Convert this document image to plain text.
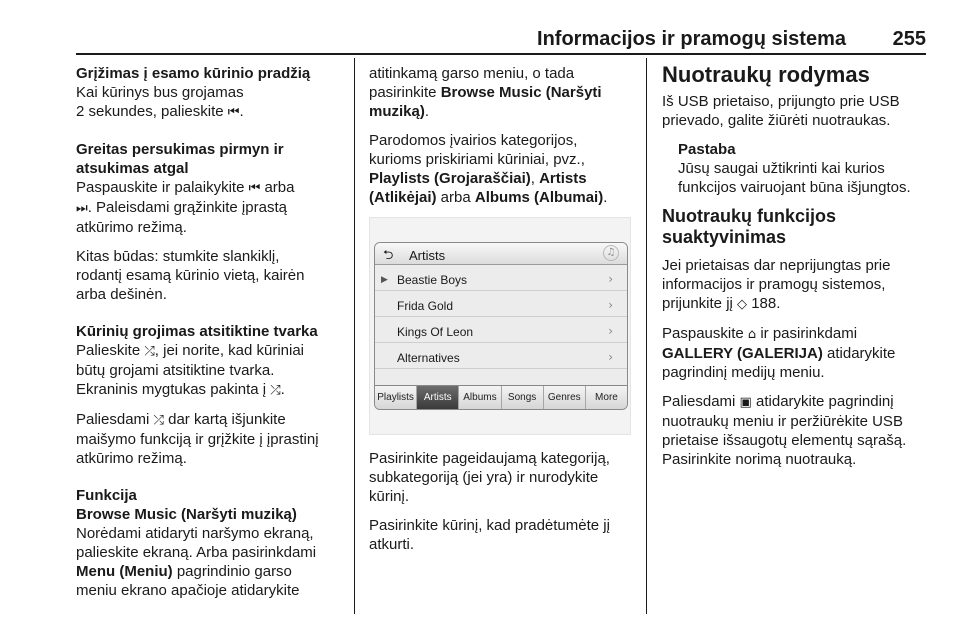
Informacijos ir pramogų sistema 255
Grįžimas į esamo kūrinio pradžią
Kai kūrinys bus grojamas
2 sekundes, palieskite ⏮.
Greitas persukimas pirmyn ir
atsukimas atgal
Paspauskite ir palaikykite ⏮ arba
⏭. Paleisdami grąžinkite įprastą
atkūrimo režimą.
Kitas būdas: stumkite slankiklį,
rodantį esamą kūrinio vietą, kairėn
arba dešinėn.
Kūrinių grojimas atsitiktine tvarka
Palieskite ⤮, jei norite, kad kūriniai
būtų grojami atsitiktine tvarka.
Ekraninis mygtukas pakinta į ⤮.
Paliesdami ⤮ dar kartą išjunkite
maišymo funkciją ir grįžkite į įprastinį
atkūrimo režimą.
Funkcija
Browse Music (Naršyti muziką)
Norėdami atidaryti naršymo ekraną,
palieskite ekraną. Arba pasirinkdami
Menu (Meniu) pagrindinio garso
meniu ekrano apačioje atidarykite
atitinkamą garso meniu, o tada
pasirinkite Browse Music (Naršyti
muziką).
Parodomos įvairios kategorijos,
kurioms priskiriami kūriniai, pvz.,
Playlists (Grojaraščiai), Artists
(Atlikėjai) arba Albums (Albumai).
⮌ Artists	♫
▶ Beastie Boys	›
Frida Gold	›
Kings Of Leon	›
Alternatives	›
Playlists Artists	Albums	Songs	Genres	More
Pasirinkite pageidaujamą kategoriją,
subkategoriją (jei yra) ir nurodykite
kūrinį.
Pasirinkite kūrinį, kad pradėtumėte jį
atkurti.
Nuotraukų rodymas
Iš USB prietaiso, prijungto prie USB
prievado, galite žiūrėti nuotraukas.
Pastaba
Jūsų saugai užtikrinti kai kurios
funkcijos vairuojant būna išjungtos.
Nuotraukų funkcijos
suaktyvinimas
Jei prietaisas dar neprijungtas prie
informacijos ir pramogų sistemos,
prijunkite jį ◇ 188.
Paspauskite ⌂ ir pasirinkdami
GALLERY (GALERIJA) atidarykite
pagrindinį medijų meniu.
Paliesdami ▣ atidarykite pagrindinį
nuotraukų meniu ir peržiūrėkite USB
prietaise išsaugotų elementų sąrašą.
Pasirinkite norimą nuotrauką.
